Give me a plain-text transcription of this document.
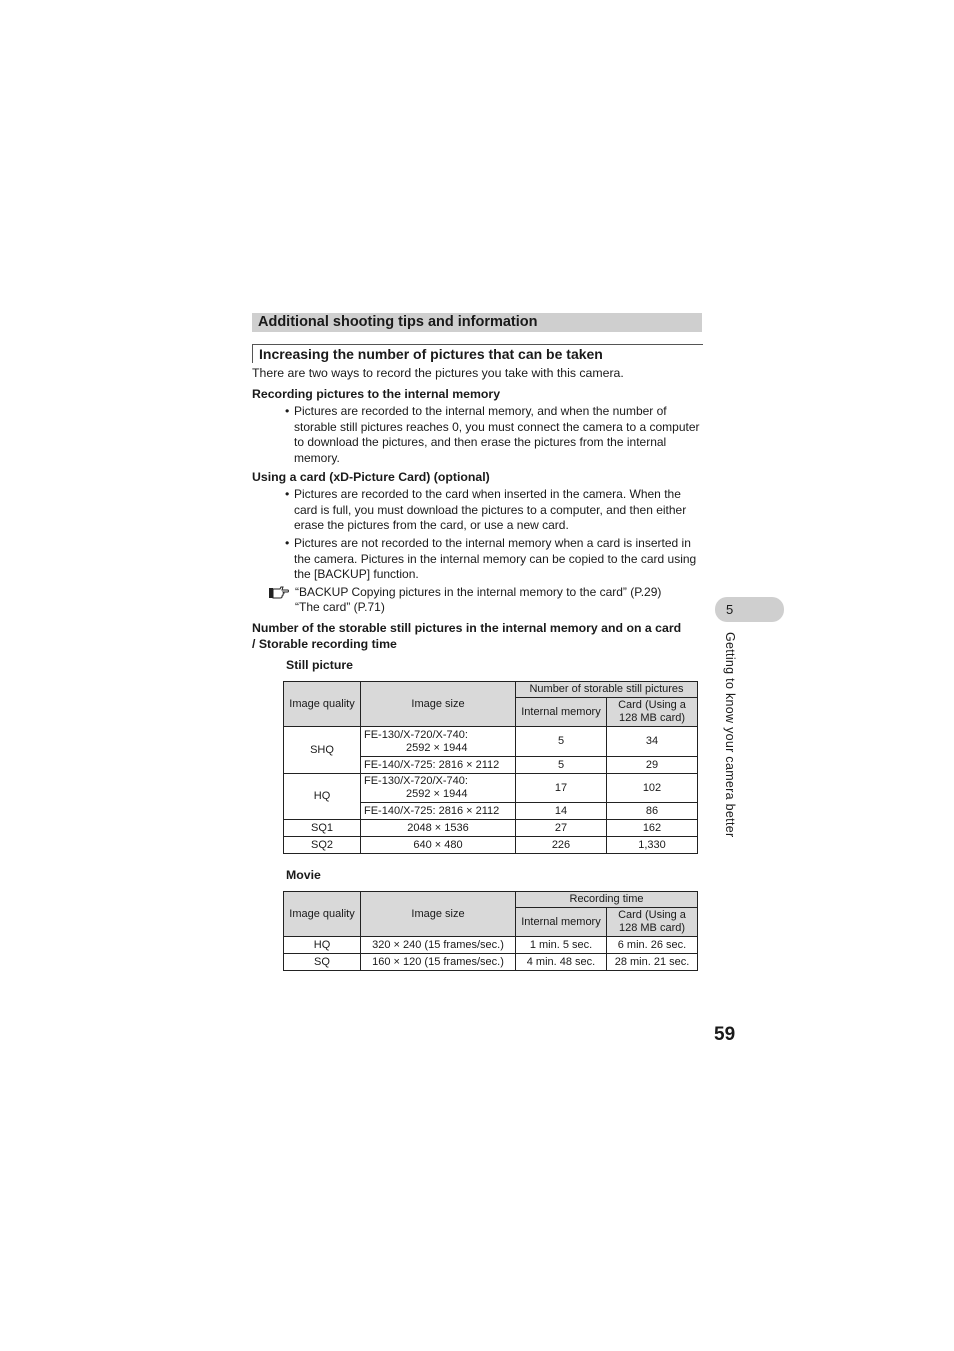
Additional shooting tips and information
Increasing the number of pictures that can be taken
There are two ways to record the pictures you take with this camera.
Recording pictures to the internal memory
• Pictures are recorded to the internal memory, and when the number of storable still pictures reaches 0, you must connect the camera to a computer to download the pictures, and then erase the pictures from the internal memory.
Using a card (xD-Picture Card) (optional)
• Pictures are recorded to the card when inserted in the camera. When the card is full, you must download the pictures to a computer, and then either erase the pictures from the card, or use a new card.
• Pictures are not recorded to the internal memory when a card is inserted in the camera. Pictures in the internal memory can be copied to the card using the [BACKUP] function.
“BACKUP Copying pictures in the internal memory to the card” (P.29)
“The card” (P.71)
Number of the storable still pictures in the internal memory and on a card
/ Storable recording time
Still picture
Image quality	Image size	Number of storable still pictures	
		Internal memory	Card (Using a
128 MB card)
SHQ	FE-130/X-720/X-740:
2592 × 1944	5	34
	FE-140/X-725: 2816 × 2112	5	29
HQ	FE-130/X-720/X-740:
2592 × 1944	17	102
	FE-140/X-725: 2816 × 2112	14	86
SQ1	2048 × 1536	27	162
SQ2	640 × 480	226	1,330
Movie
Image quality	Image size	Recording time	
		Internal memory	Card (Using a
128 MB card)
HQ	320 × 240 (15 frames/sec.)	1 min. 5 sec.	6 min. 26 sec.
SQ	160 × 120 (15 frames/sec.)	4 min. 48 sec.	28 min. 21 sec.
5
Getting to know your camera better
59
